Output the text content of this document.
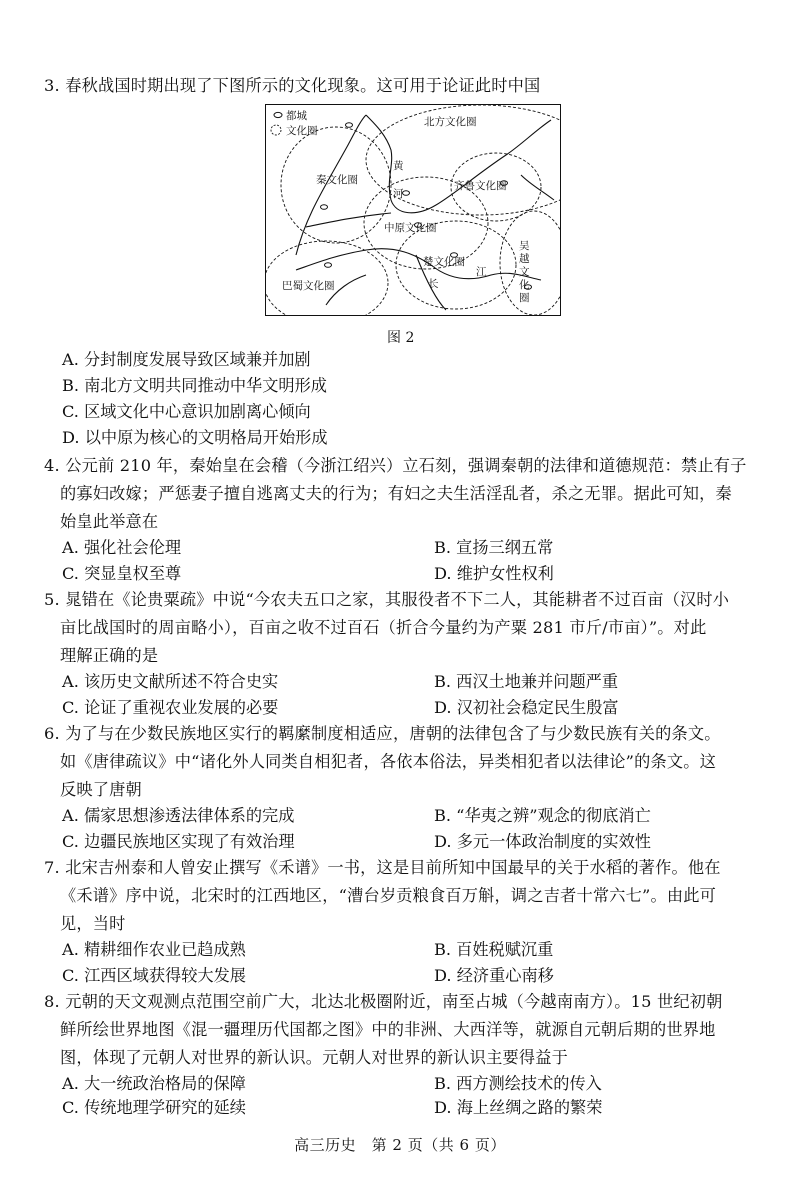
3. 春秋战国时期出现了下图所示的文化现象。这可用于论证此时中国
都城
文化圈
北方文化圈
秦文化圈	齐鲁文化圈
中原文化圈
楚文化圈
巴蜀文化圈
黄
河
长
江
吴
越
文
化
圈
图 2
A. 分封制度发展导致区域兼并加剧
B. 南北方文明共同推动中华文明形成
C. 区域文化中心意识加剧离心倾向
D. 以中原为核心的文明格局开始形成
4. 公元前 210 年，秦始皇在会稽（今浙江绍兴）立石刻，强调秦朝的法律和道德规范：禁止有子
的寡妇改嫁；严惩妻子擅自逃离丈夫的行为；有妇之夫生活淫乱者，杀之无罪。据此可知，秦
始皇此举意在
A. 强化社会伦理	B. 宣扬三纲五常
C. 突显皇权至尊	D. 维护女性权利
5. 晁错在《论贵粟疏》中说“今农夫五口之家，其服役者不下二人，其能耕者不过百亩（汉时小
亩比战国时的周亩略小），百亩之收不过百石（折合今量约为产粟 281 市斤/市亩）”。对此
理解正确的是
A. 该历史文献所述不符合史实	B. 西汉土地兼并问题严重
C. 论证了重视农业发展的必要	D. 汉初社会稳定民生殷富
6. 为了与在少数民族地区实行的羁縻制度相适应，唐朝的法律包含了与少数民族有关的条文。
如《唐律疏议》中“诸化外人同类自相犯者，各依本俗法，异类相犯者以法律论”的条文。这
反映了唐朝
A. 儒家思想渗透法律体系的完成	B. “华夷之辨”观念的彻底消亡
C. 边疆民族地区实现了有效治理	D. 多元一体政治制度的实效性
7. 北宋吉州泰和人曾安止撰写《禾谱》一书，这是目前所知中国最早的关于水稻的著作。他在
《禾谱》序中说，北宋时的江西地区，“漕台岁贡粮食百万斛，调之吉者十常六七”。由此可
见，当时
A. 精耕细作农业已趋成熟	B. 百姓税赋沉重
C. 江西区域获得较大发展	D. 经济重心南移
8. 元朝的天文观测点范围空前广大，北达北极圈附近，南至占城（今越南南方）。15 世纪初朝
鲜所绘世界地图《混一疆理历代国都之图》中的非洲、大西洋等，就源自元朝后期的世界地
图，体现了元朝人对世界的新认识。元朝人对世界的新认识主要得益于
A. 大一统政治格局的保障	B. 西方测绘技术的传入
C. 传统地理学研究的延续	D. 海上丝绸之路的繁荣
高三历史　第 2 页（共 6 页）
